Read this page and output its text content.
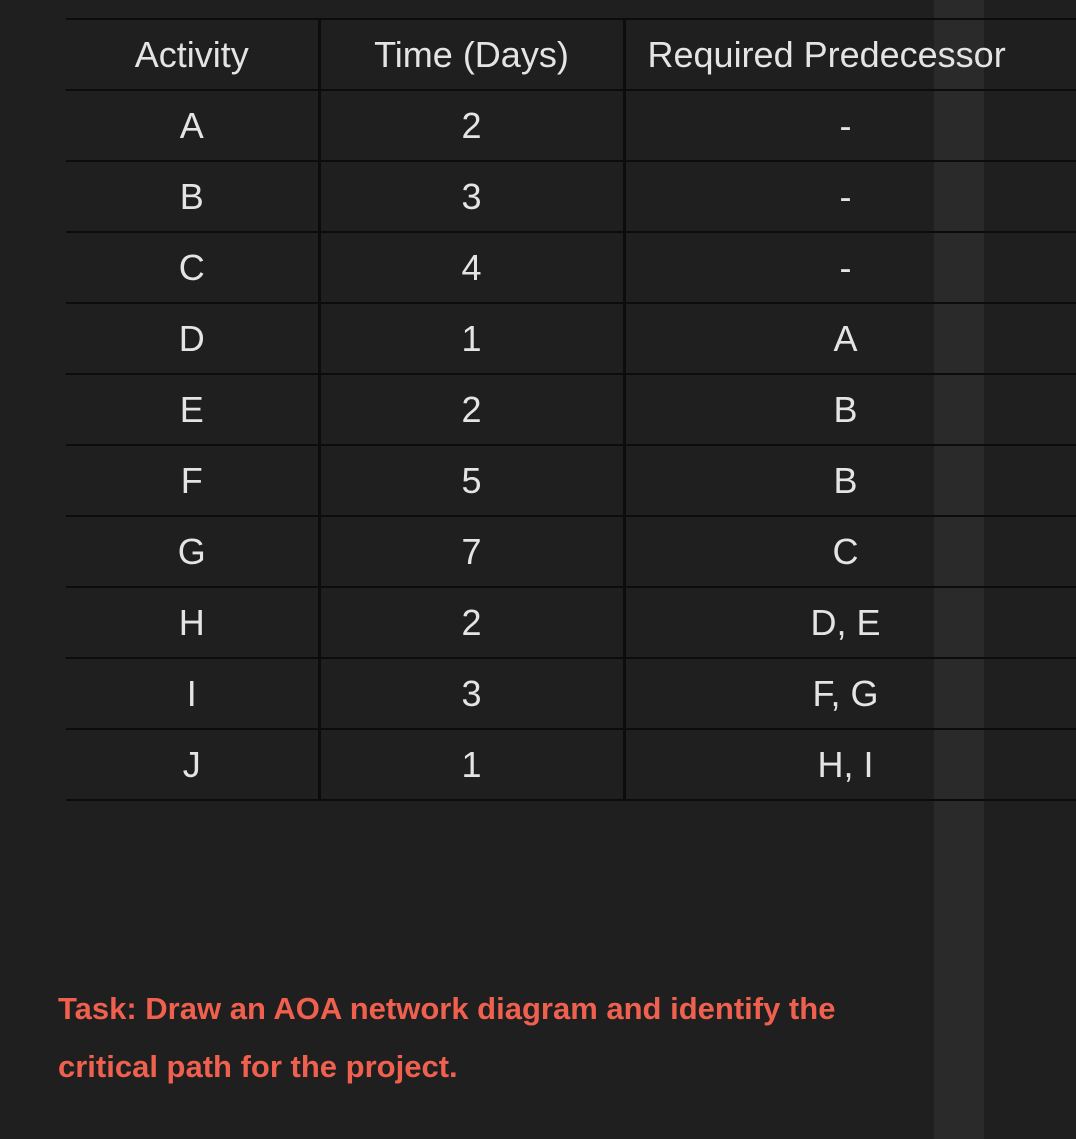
Activity	Time (Days)	Required Predecessor
A	2	-
B	3	-
C	4	-
D	1	A
E	2	B
F	5	B
G	7	C
H	2	D, E
I	3	F, G
J	1	H, I

Task: Draw an AOA network diagram and identify the

critical path for the project.
